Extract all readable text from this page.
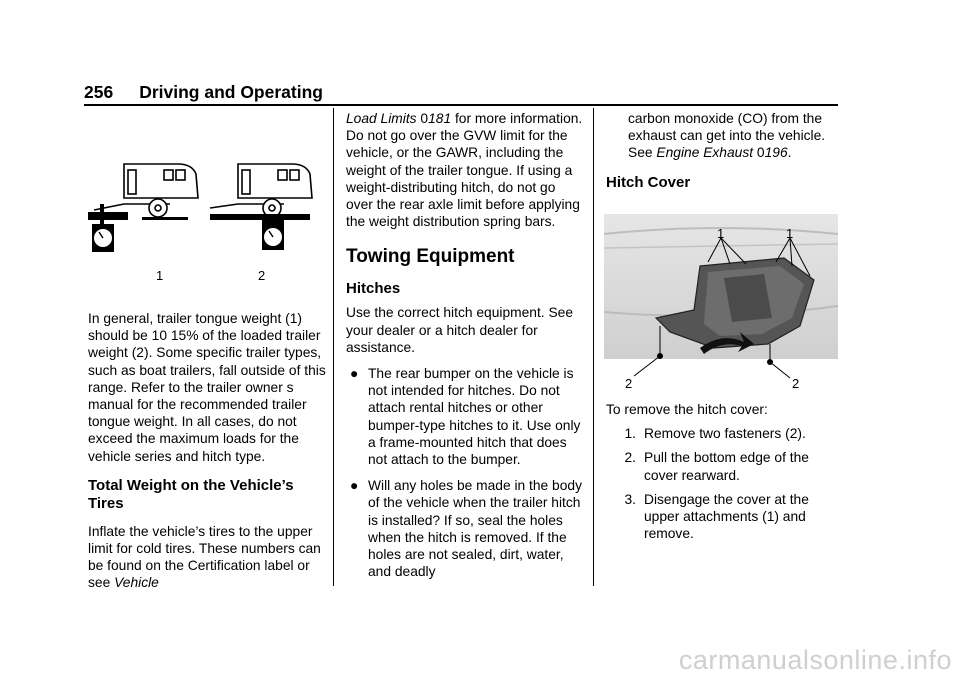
256 Driving and Operating
1	2

In general, trailer tongue weight (1) should be 10 15% of the loaded trailer weight (2). Some specific trailer types, such as boat trailers, fall outside of this range. Refer to the trailer owner s manual for the recommended trailer tongue weight. In all cases, do not exceed the maximum loads for the vehicle series and hitch type.

Total Weight on the Vehicle’s Tires

Inflate the vehicle’s tires to the upper limit for cold tires. These numbers can be found on the Certification label or see Vehicle

Load Limits 0181 for more information. Do not go over the GVW limit for the vehicle, or the GAWR, including the weight of the trailer tongue. If using a weight-distributing hitch, do not go over the rear axle limit before applying the weight distribution spring bars.

Towing Equipment

Hitches

Use the correct hitch equipment. See your dealer or a hitch dealer for assistance.

● The rear bumper on the vehicle is not intended for hitches. Do not attach rental hitches or other bumper-type hitches to it. Use only a frame-mounted hitch that does not attach to the bumper.
● Will any holes be made in the body of the vehicle when the trailer hitch is installed? If so, seal the holes when the hitch is removed. If the holes are not sealed, dirt, water, and deadly

carbon monoxide (CO) from the exhaust can get into the vehicle. See Engine Exhaust 0196.

Hitch Cover

1	1
2	2

To remove the hitch cover:

1. Remove two fasteners (2).
2. Pull the bottom edge of the cover rearward.
3. Disengage the cover at the upper attachments (1) and remove.
carmanualsonline.info
